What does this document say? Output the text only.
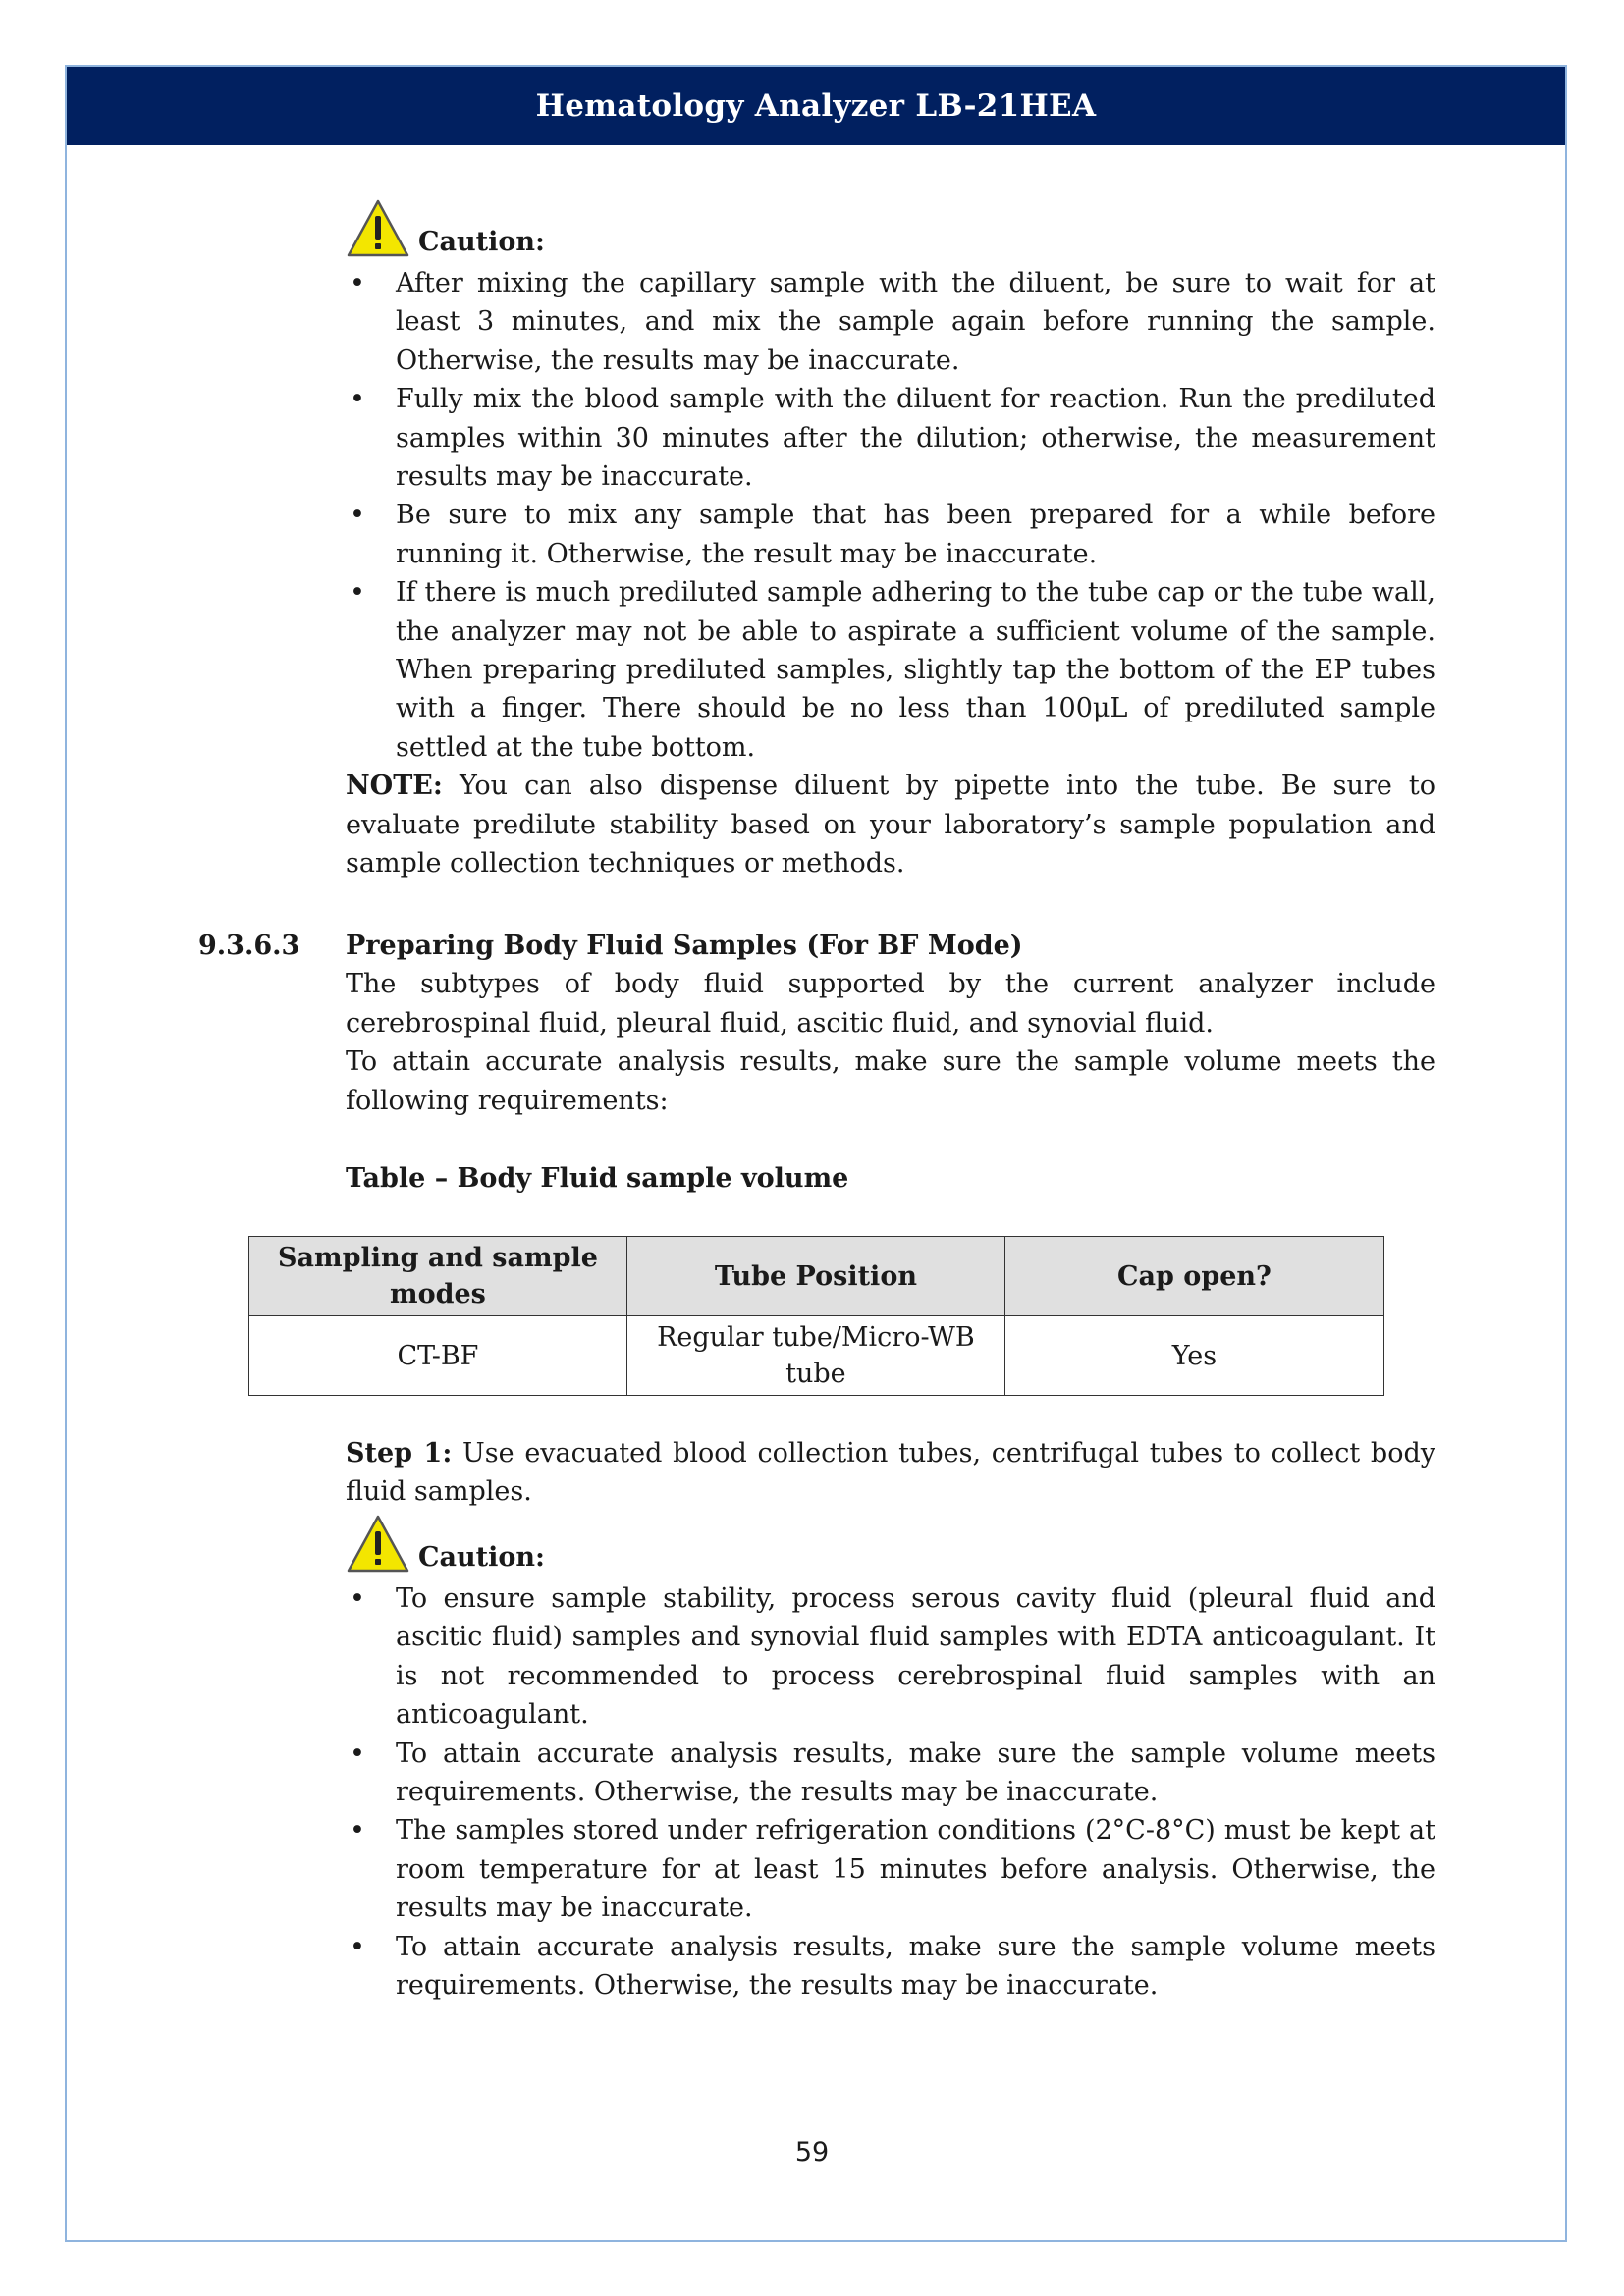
Hematology Analyzer LB-21HEA
Caution:
• After mixing the capillary sample with the diluent, be sure to wait for at least 3 minutes, and mix the sample again before running the sample. Otherwise, the results may be inaccurate.
• Fully mix the blood sample with the diluent for reaction. Run the prediluted samples within 30 minutes after the dilution; otherwise, the measurement results may be inaccurate.
• Be sure to mix any sample that has been prepared for a while before running it. Otherwise, the result may be inaccurate.
• If there is much prediluted sample adhering to the tube cap or the tube wall, the analyzer may not be able to aspirate a sufficient volume of the sample. When preparing prediluted samples, slightly tap the bottom of the EP tubes with a finger. There should be no less than 100μL of prediluted sample settled at the tube bottom.
NOTE: You can also dispense diluent by pipette into the tube. Be sure to evaluate predilute stability based on your laboratory’s sample population and sample collection techniques or methods.
9.3.6.3 Preparing Body Fluid Samples (For BF Mode)
The subtypes of body fluid supported by the current analyzer include cerebrospinal fluid, pleural fluid, ascitic fluid, and synovial fluid.
To attain accurate analysis results, make sure the sample volume meets the following requirements:
Table – Body Fluid sample volume
Sampling and sample modes	Tube Position	Cap open?
CT-BF	Regular tube/Micro-WB tube	Yes
Step 1: Use evacuated blood collection tubes, centrifugal tubes to collect body fluid samples.
Caution:
• To ensure sample stability, process serous cavity fluid (pleural fluid and ascitic fluid) samples and synovial fluid samples with EDTA anticoagulant. It is not recommended to process cerebrospinal fluid samples with an anticoagulant.
• To attain accurate analysis results, make sure the sample volume meets requirements. Otherwise, the results may be inaccurate.
• The samples stored under refrigeration conditions (2°C-8°C) must be kept at room temperature for at least 15 minutes before analysis. Otherwise, the results may be inaccurate.
• To attain accurate analysis results, make sure the sample volume meets requirements. Otherwise, the results may be inaccurate.
59
